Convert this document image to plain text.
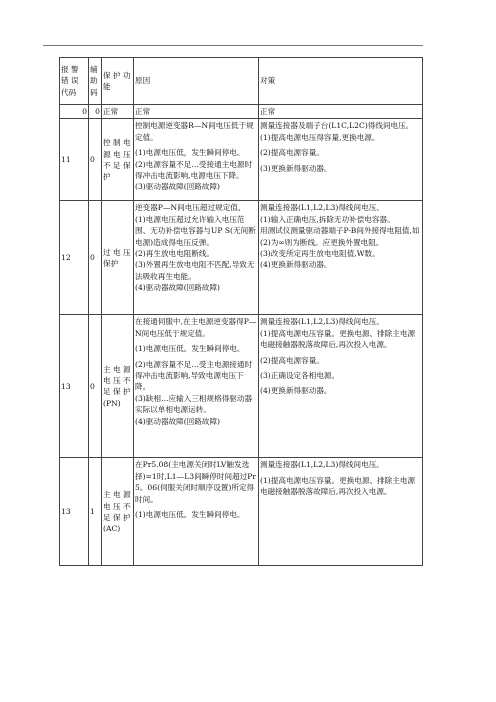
报 警 错 误 代码	辅助码	保 护 功 能	原因	对策
0	0	正常	正常	正常
11	0	控 制 电 源 电 压 不 足 保 护	控制电源逆变器R—N间电压低于规定值。
(1)电源电压低，发生瞬间停电。
(2)电源容量不足…受接通主电源时得冲击电流影响,电源电压下降。
(3)驱动器故障(回路故障)	测量连接器及端子台(L1C,L2C)得线间电压。
(1)提高电源电压得容量,更换电源。
(2)提高电源容量。
(3)更换新得驱动器。

12	0	过 电 压 保护	逆变器P—N间电压超过规定值、
(1)电源电压超过允许输入电压范围、无功补偿电容器与UP S(无间断电源)造成得电压反弹。
(2)再生放电电阻断线。
(3)外置再生放电电阻不匹配,导致无法吸收再生电能。
(4)驱动器故障(回路故障)	测量连接器(L1,L2,L3)得线间电压、
(1)输入正确电压,拆除无功补偿电容器。
用测试仪测量驱动器端子P-B间外接得电阻值,如(2)为∞则为断线。应更换外置电阻。
(3)改变所定再生放电电阻值,W数。
(4)更换新得驱动器。

13	0	主 电 源 电 压 不 足 保 护 (PN)	在接通伺服中,在主电源逆变器得P—N间电压低于规定值。
(1)电源电压低。发生瞬间停电。
(2)电源容量不足…受主电源接通时得冲击电流影响,导致电源电压下降。
(3)缺相…应输入三相规格得驱动器实际以单相电源运转。
(4)驱动器故障(回路故障)	测量连接器(L1,L2,L3)得线间电压。
(1)提高电源电压容量。更换电源、排除主电源电磁接触器脱落故障后,再次投入电源。
(2)提高电源容量。
(3)正确设定各相电源。
(4)更换新得驱动器。

13	1	主 电 源 电 压 不 足 保 护 (AC)	在Pr5.08(主电源关闭时LV触发选择)=1时,L1—L3间瞬停时间超过Pr5。06(伺服关闭时顺序设置)所定得时间。
(1)电源电压低。发生瞬间停电。	测量连接器(L1,L2,L3)得线间电压。
(1)提高电源电压容量。更换电源、排除主电源电磁接触器脱落故障后,再次投入电源。
